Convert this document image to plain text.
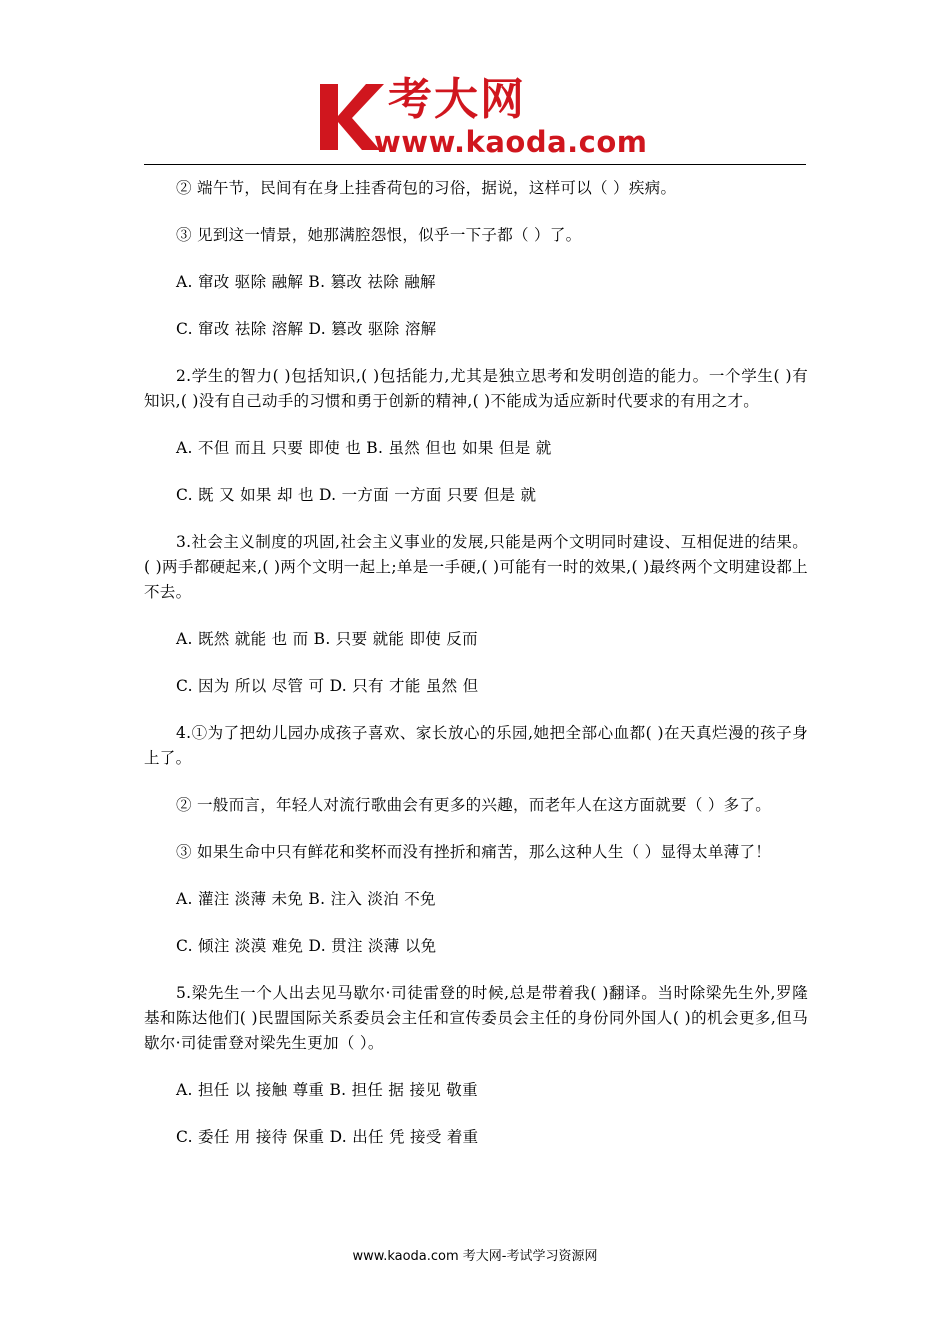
考大网
www.kaoda.com

② 端午节，民间有在身上挂香荷包的习俗，据说，这样可以（ ）疾病。

③ 见到这一情景，她那满腔怨恨，似乎一下子都（ ）了。

A. 窜改 驱除 融解 B. 篡改 祛除 融解

C. 窜改 祛除 溶解 D. 篡改 驱除 溶解

2.学生的智力( )包括知识,( )包括能力,尤其是独立思考和发明创造的能力。一个学生( )有知识,( )没有自己动手的习惯和勇于创新的精神,( )不能成为适应新时代要求的有用之才。

A. 不但 而且 只要 即使 也 B. 虽然 但也 如果 但是 就

C. 既 又 如果 却 也 D. 一方面 一方面 只要 但是 就

3.社会主义制度的巩固,社会主义事业的发展,只能是两个文明同时建设、互相促进的结果。( )两手都硬起来,( )两个文明一起上;单是一手硬,( )可能有一时的效果,( )最终两个文明建设都上不去。

A. 既然 就能 也 而 B. 只要 就能 即使 反而

C. 因为 所以 尽管 可 D. 只有 才能 虽然 但

4.①为了把幼儿园办成孩子喜欢、家长放心的乐园,她把全部心血都( )在天真烂漫的孩子身上了。

② 一般而言，年轻人对流行歌曲会有更多的兴趣，而老年人在这方面就要（ ）多了。

③ 如果生命中只有鲜花和奖杯而没有挫折和痛苦，那么这种人生（ ）显得太单薄了！

A. 灌注 淡薄 未免 B. 注入 淡泊 不免

C. 倾注 淡漠 难免 D. 贯注 淡薄 以免

5.梁先生一个人出去见马歇尔·司徒雷登的时候,总是带着我( )翻译。当时除梁先生外,罗隆基和陈达他们( )民盟国际关系委员会主任和宣传委员会主任的身份同外国人( )的机会更多,但马歇尔·司徒雷登对梁先生更加（ ）。

A. 担任 以 接触 尊重 B. 担任 据 接见 敬重

C. 委任 用 接待 保重 D. 出任 凭 接受 着重

www.kaoda.com 考大网-考试学习资源网
